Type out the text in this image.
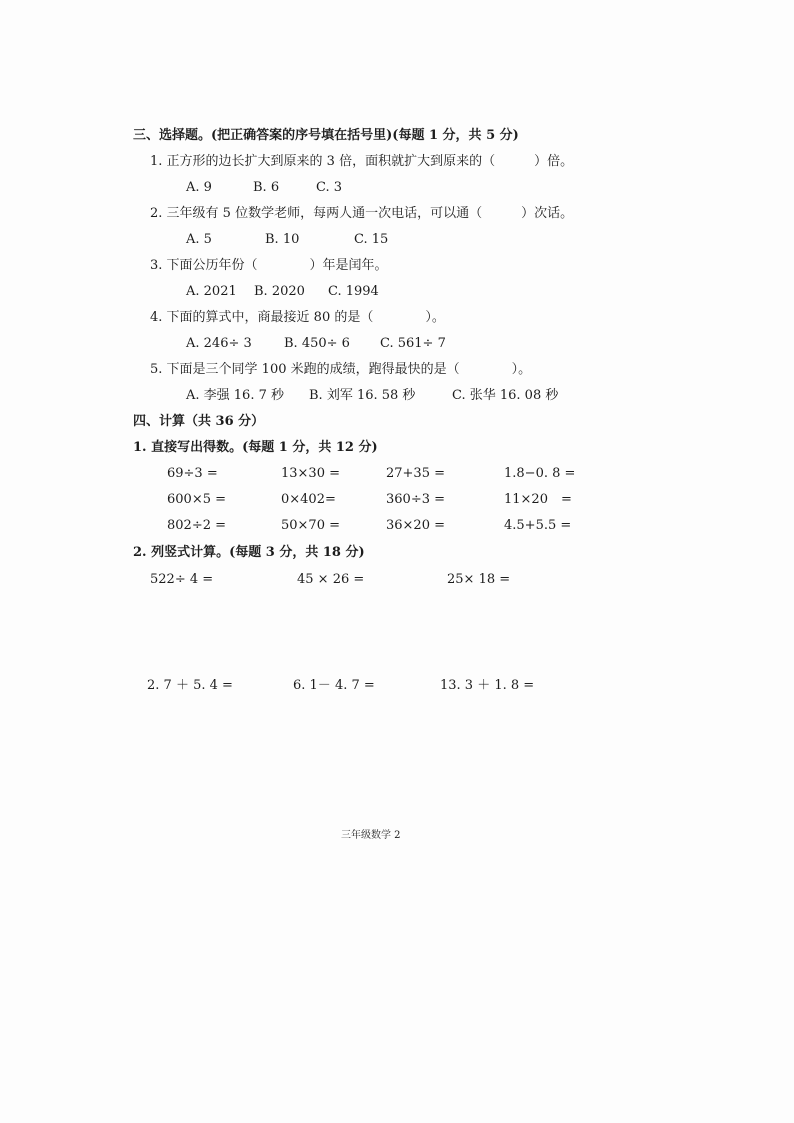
三、选择题。(把正确答案的序号填在括号里)(每题 1 分，共 5 分)
1. 正方形的边长扩大到原来的 3 倍，面积就扩大到原来的（　　　）倍。
A. 9	B. 6	C. 3
2. 三年级有 5 位数学老师，每两人通一次电话，可以通（　　　）次话。
A. 5	B. 10	C. 15
3. 下面公历年份（　　　　）年是闰年。
A. 2021 B. 2020 C. 1994
4. 下面的算式中，商最接近 80 的是（　　　　）。
A. 246÷ 3 B. 450÷ 6 C. 561÷ 7
5. 下面是三个同学 100 米跑的成绩，跑得最快的是（　　　　）。
A. 李强 16. 7 秒 B. 刘军 16. 58 秒	C. 张华 16. 08 秒
四、计算（共 36 分）
1. 直接写出得数。(每题 1 分，共 12 分)
69÷3 =	13×30 =	27+35 =	1.8−0. 8 =
600×5 =	0×402=	360÷3 =	11×20　=
802÷2 =	50×70 =	36×20 =	4.5+5.5 =
2. 列竖式计算。(每题 3 分，共 18 分)
522÷ 4 =	45 × 26 =	25× 18 =
2. 7 ＋ 5. 4 =	6. 1－ 4. 7 =	13. 3 ＋ 1. 8 =
三年级数学 2
